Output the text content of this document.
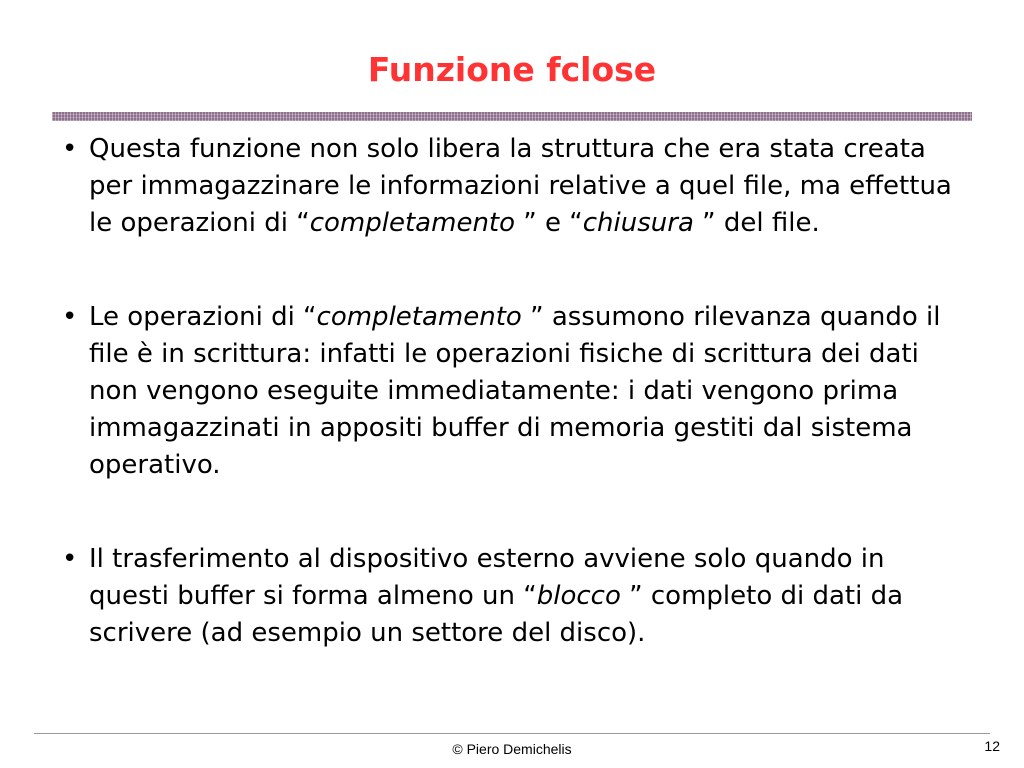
Funzione fclose
• Questa funzione non solo libera la struttura che era stata creata per immagazzinare le informazioni relative a quel file, ma effettua le operazioni di “completamento ” e “chiusura ” del file.
• Le operazioni di “completamento ” assumono rilevanza quando il file è in scrittura: infatti le operazioni fisiche di scrittura dei dati non vengono eseguite immediatamente: i dati vengono prima immagazzinati in appositi buffer di memoria gestiti dal sistema operativo.
• Il trasferimento al dispositivo esterno avviene solo quando in questi buffer si forma almeno un “blocco ” completo di dati da scrivere (ad esempio un settore del disco).
© Piero Demichelis	12
